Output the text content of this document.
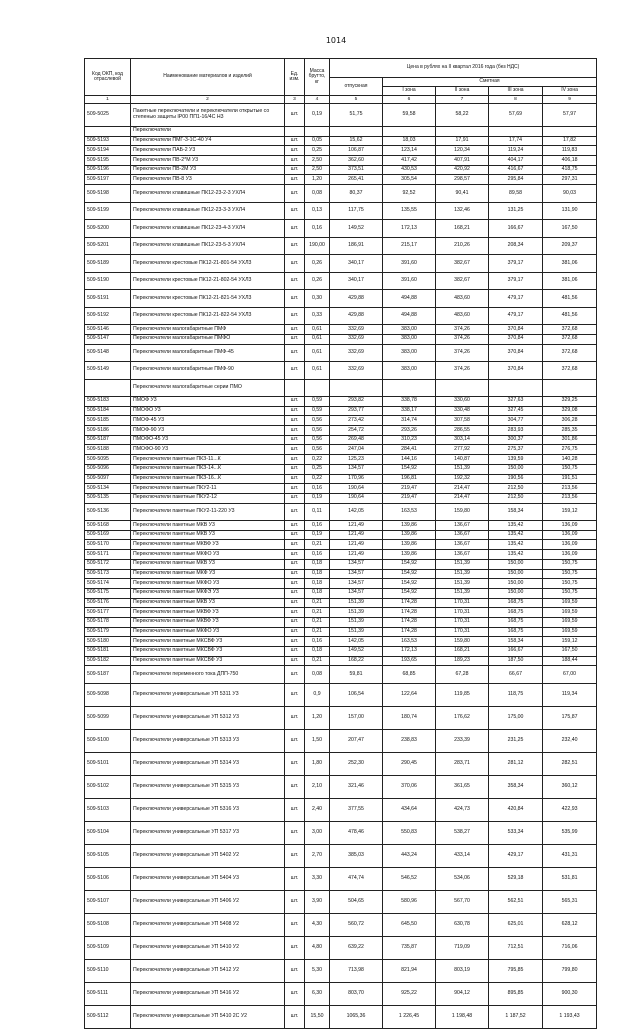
1014
Код ОКП, код отраслевой	Наименование материалов и изделий	Ед. изм.	Масса брутто, кг	Цена в рублях на II квартал 2016 года (без НДС)				
				отпускная	Сметная			
					I зона	II зона	III зона	IV зона
1	2	3	4	5	6	7	8	9
509-5025	Пакетные переключатели и переключатели открытые со степенью защиты IP00 ПП1-16/4С Н3	шт.	0,19	51,75	59,58	58,22	57,69	57,97
	Переключатели							
509-5193	Переключатели ПМГ-3-1С-40 У4	шт.	0,05	15,62	18,03	17,91	17,74	17,82
509-5194	Переключатели ПАБ-2 У3	шт.	0,25	106,87	123,14	120,34	119,24	119,83
509-5195	Переключатели ПВ-2*М У3	шт.	2,50	362,60	417,42	407,91	404,17	406,18
509-5196	Переключатели ПВ-2М У3	шт.	2,50	373,51	430,53	420,92	416,67	418,75
509-5197	Переключатели ПВ-8 У3	шт.	1,20	265,41	305,54	298,57	295,84	297,31
509-5198	Переключатели клавишные ПК12-23-2-3 УХЛ4	шт.	0,08	80,37	92,52	90,41	89,58	90,03
509-5199	Переключатели клавишные ПК12-23-3-3 УХЛ4	шт.	0,13	117,75	135,55	132,46	131,25	131,90
509-5200	Переключатели клавишные ПК12-23-4-3 УХЛ4	шт.	0,16	149,52	172,13	168,21	166,67	167,50
509-5201	Переключатели клавишные ПК12-23-5-3 УХЛ4	шт.	190,00	186,91	215,17	210,26	208,34	209,37
509-5189	Переключатели крестовые ПК12-21-801-54 УХЛ3	шт.	0,26	340,17	391,60	382,67	379,17	381,06
509-5190	Переключатели крестовые ПК12-21-802-54 УХЛ3	шт.	0,26	340,17	391,60	382,67	379,17	381,06
509-5191	Переключатели крестовые ПК12-21-821-54 УХЛ3	шт.	0,30	429,88	494,88	483,60	479,17	481,56
509-5192	Переключатели крестовые ПК12-21-822-54 УХЛ3	шт.	0,33	429,88	494,88	483,60	479,17	481,56
509-5146	Переключатели малогабаритные ПМФ	шт.	0,61	332,69	383,00	374,26	370,84	372,68
509-5147	Переключатели малогабаритные ПМФО	шт.	0,61	332,69	383,00	374,26	370,84	372,68
509-5148	Переключатели малогабаритные ПМФ-45	шт.	0,61	332,69	383,00	374,26	370,84	372,68
509-5149	Переключатели малогабаритные ПМФ-90	шт.	0,61	332,69	383,00	374,26	370,84	372,68
	Переключатели малогабаритные серии ПМО							
509-5183	ПМОФ У3	шт.	0,59	293,82	338,78	330,60	327,63	329,25
509-5184	ПМОФО У3	шт.	0,59	293,77	338,17	330,48	327,45	329,08
509-5185	ПМОФ-45 У3	шт.	0,56	273,42	314,74	307,58	304,77	306,28
509-5186	ПМОФ-90 У3	шт.	0,56	254,72	293,26	286,55	283,93	285,35
509-5187	ПМОФО-45 У3	шт.	0,56	269,48	310,23	303,14	300,37	301,86
509-5188	ПМОФО-90 У3	шт.	0,56	247,04	284,41	277,92	275,37	276,75
509-5095	Переключатели пакетные ПКЗ-11...К	шт.	0,22	125,23	144,16	140,87	139,59	140,28
509-5096	Переключатели пакетные ПКЗ-14...К	шт.	0,25	134,57	154,92	151,39	150,00	150,75
509-5097	Переключатели пакетные ПКЗ-16...К	шт.	0,22	170,96	196,81	192,32	190,56	191,51
509-5134	Переключатели пакетные ПКУ2-11	шт.	0,16	190,64	219,47	214,47	212,50	213,56
509-5135	Переключатели пакетные ПКУ2-12	шт.	0,19	190,64	219,47	214,47	212,50	213,56
509-5136	Переключатели пакетные ПКУ2-11-220 У3	шт.	0,11	142,05	163,53	159,80	158,34	159,12
509-5168	Переключатели пакетные МКВ У3	шт.	0,16	121,49	139,86	136,67	135,42	136,09
509-5169	Переключатели пакетные МКВ У3	шт.	0,19	121,49	139,86	136,67	135,42	136,09
509-5170	Переключатели пакетные МКВФ У3	шт.	0,21	121,49	139,86	136,67	135,42	136,09
509-5171	Переключатели пакетные МКФО У3	шт.	0,16	121,49	139,86	136,67	135,42	136,09
509-5172	Переключатели пакетные МКВ У3	шт.	0,18	134,57	154,92	151,39	150,00	150,75
509-5173	Переключатели пакетные МКФ У3	шт.	0,18	134,57	154,92	151,39	150,00	150,75
509-5174	Переключатели пакетные МКФО У3	шт.	0,18	134,57	154,92	151,39	150,00	150,75
509-5175	Переключатели пакетные МКФЭ У3	шт.	0,18	134,57	154,92	151,39	150,00	150,75
509-5176	Переключатели пакетные МКВ У3	шт.	0,21	151,39	174,28	170,31	168,75	169,59
509-5177	Переключатели пакетные МКВФ У3	шт.	0,21	151,39	174,28	170,31	168,75	169,59
509-5178	Переключатели пакетные МКВФ У3	шт.	0,21	151,39	174,28	170,31	168,75	169,59
509-5179	Переключатели пакетные МКФО У3	шт.	0,21	151,39	174,28	170,31	168,75	169,59
509-5180	Переключатели пакетные МКСВФ У3	шт.	0,16	142,05	163,53	159,80	158,34	159,12
509-5181	Переключатели пакетные МКСВФ У3	шт.	0,18	149,52	172,13	168,21	166,67	167,50
509-5182	Переключатели пакетные МКСВФ У3	шт.	0,21	168,22	193,65	189,23	187,50	188,44
509-5187	Переключатели переменного тока ДПП-750	шт.	0,08	59,81	68,85	67,28	66,67	67,00
509-5098	Переключатели универсальные УП 5311 У3	шт.	0,9	106,54	122,64	119,85	118,75	119,34
509-5099	Переключатели универсальные УП 5312 У3	шт.	1,20	157,00	180,74	176,62	175,00	175,87
509-5100	Переключатели универсальные УП 5313 У3	шт.	1,50	207,47	238,83	233,39	231,25	232,40
509-5101	Переключатели универсальные УП 5314 У3	шт.	1,80	252,30	290,45	283,71	281,12	282,51
509-5102	Переключатели универсальные УП 5315 У3	шт.	2,10	321,46	370,06	361,65	358,34	360,12
509-5103	Переключатели универсальные УП 5316 У3	шт.	2,40	377,55	434,64	424,73	420,84	422,93
509-5104	Переключатели универсальные УП 5317 У3	шт.	3,00	478,46	550,83	538,27	533,34	535,99
509-5105	Переключатели универсальные УП 5402 У2	шт.	2,70	385,03	443,24	433,14	429,17	431,31
509-5106	Переключатели универсальные УП 5404 У3	шт.	3,30	474,74	546,52	534,06	529,18	531,81
509-5107	Переключатели универсальные УП 5406 У2	шт.	3,90	504,65	580,96	567,70	562,51	565,31
509-5108	Переключатели универсальные УП 5408 У2	шт.	4,30	560,72	645,50	630,78	625,01	628,12
509-5109	Переключатели универсальные УП 5410 У2	шт.	4,80	639,22	735,87	719,09	712,51	716,06
509-5110	Переключатели универсальные УП 5412 У2	шт.	5,30	713,98	821,94	803,19	795,85	799,80
509-5111	Переключатели универсальные УП 5416 У2	шт.	6,30	803,70	925,22	904,12	895,85	900,30
509-5112	Переключатели универсальные УП 5410 2С У2	шт.	15,50	1065,36	1 226,45	1 198,48	1 187,52	1 193,43
